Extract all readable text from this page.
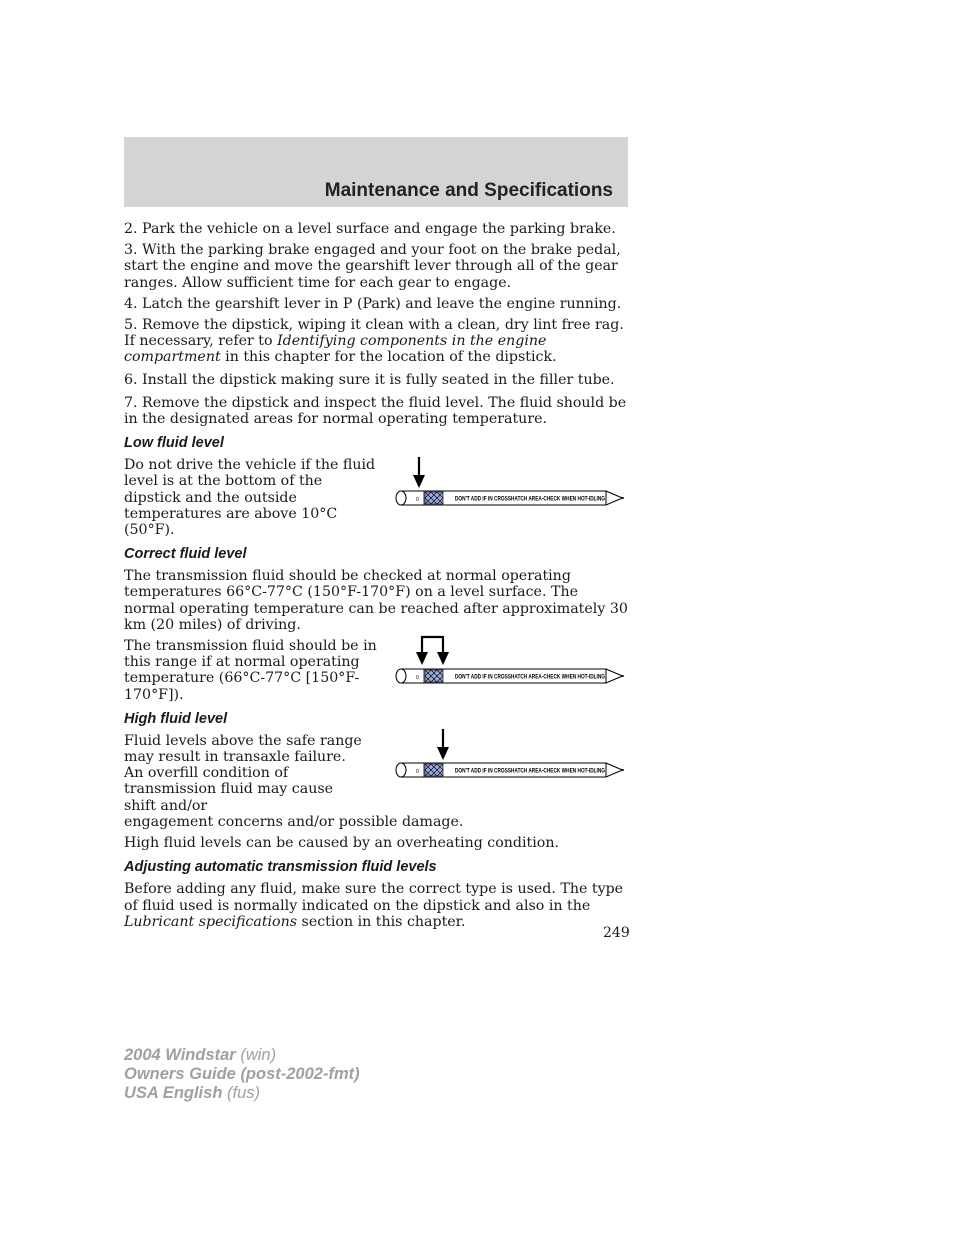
Maintenance and Specifications

2. Park the vehicle on a level surface and engage the parking brake.

3. With the parking brake engaged and your foot on the brake pedal, start the engine and move the gearshift lever through all of the gear ranges. Allow sufficient time for each gear to engage.

4. Latch the gearshift lever in P (Park) and leave the engine running.

5. Remove the dipstick, wiping it clean with a clean, dry lint free rag. If necessary, refer to Identifying components in the engine compartment in this chapter for the location of the dipstick.

6. Install the dipstick making sure it is fully seated in the filler tube.

7. Remove the dipstick and inspect the fluid level. The fluid should be in the designated areas for normal operating temperature.

Low fluid level
Do not drive the vehicle if the fluid level is at the bottom of the dipstick and the outside temperatures are above 10°C (50°F).
0	DON'T ADD IF IN CROSSHATCH AREA-CHECK WHEN HOT-IDLING
Correct fluid level

The transmission fluid should be checked at normal operating temperatures 66°C-77°C (150°F-170°F) on a level surface. The normal operating temperature can be reached after approximately 30 km (20 miles) of driving.

The transmission fluid should be in this range if at normal operating temperature (66°C-77°C [150°F-170°F]).
0	DON'T ADD IF IN CROSSHATCH AREA-CHECK WHEN HOT-IDLING
High fluid level
Fluid levels above the safe range may result in transaxle failure. An overfill condition of transmission fluid may cause shift and/or
0	DON'T ADD IF IN CROSSHATCH AREA-CHECK WHEN HOT-IDLING

engagement concerns and/or possible damage.

High fluid levels can be caused by an overheating condition.

Adjusting automatic transmission fluid levels

Before adding any fluid, make sure the correct type is used. The type of fluid used is normally indicated on the dipstick and also in the Lubricant specifications section in this chapter.

249
2004 Windstar (win)
Owners Guide (post-2002-fmt)
USA English (fus)
